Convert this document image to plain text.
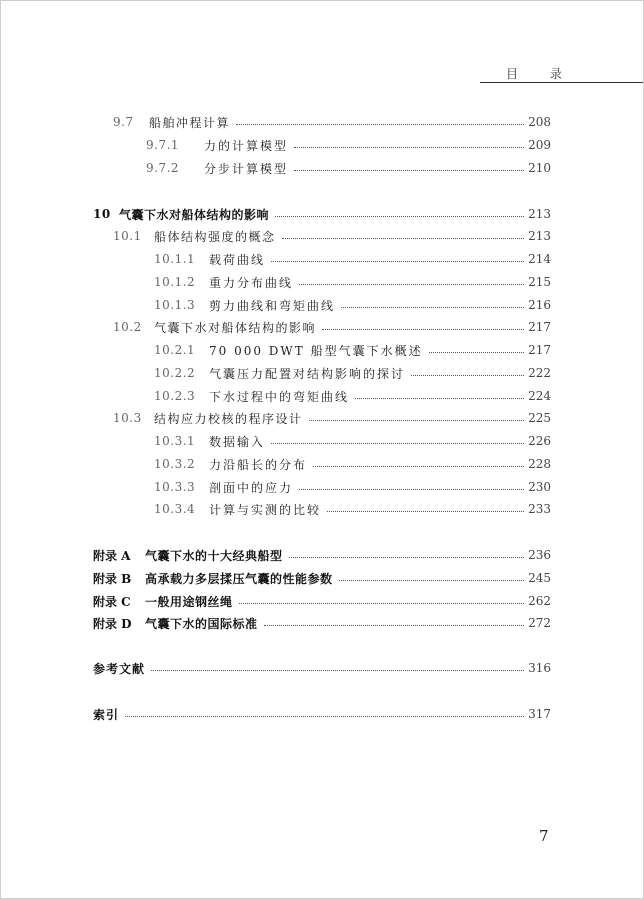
目 录
9.7	船舶冲程计算	208
9.7.1	力的计算模型	209
9.7.2	分步计算模型	210
10 气囊下水对船体结构的影响	213
10.1	船体结构强度的概念	213
10.1.1	载荷曲线	214
10.1.2	重力分布曲线	215
10.1.3	剪力曲线和弯矩曲线	216
10.2	气囊下水对船体结构的影响	217
10.2.1	70 000 DWT 船型气囊下水概述	217
10.2.2	气囊压力配置对结构影响的探讨	222
10.2.3	下水过程中的弯矩曲线	224
10.3	结构应力校核的程序设计	225
10.3.1	数据输入	226
10.3.2	力沿船长的分布	228
10.3.3	剖面中的应力	230
10.3.4	计算与实测的比较	233
附录 A	气囊下水的十大经典船型	236
附录 B	高承载力多层揉压气囊的性能参数	245
附录 C	一般用途钢丝绳	262
附录 D	气囊下水的国际标准	272
参考文献	316
索引	317
7
